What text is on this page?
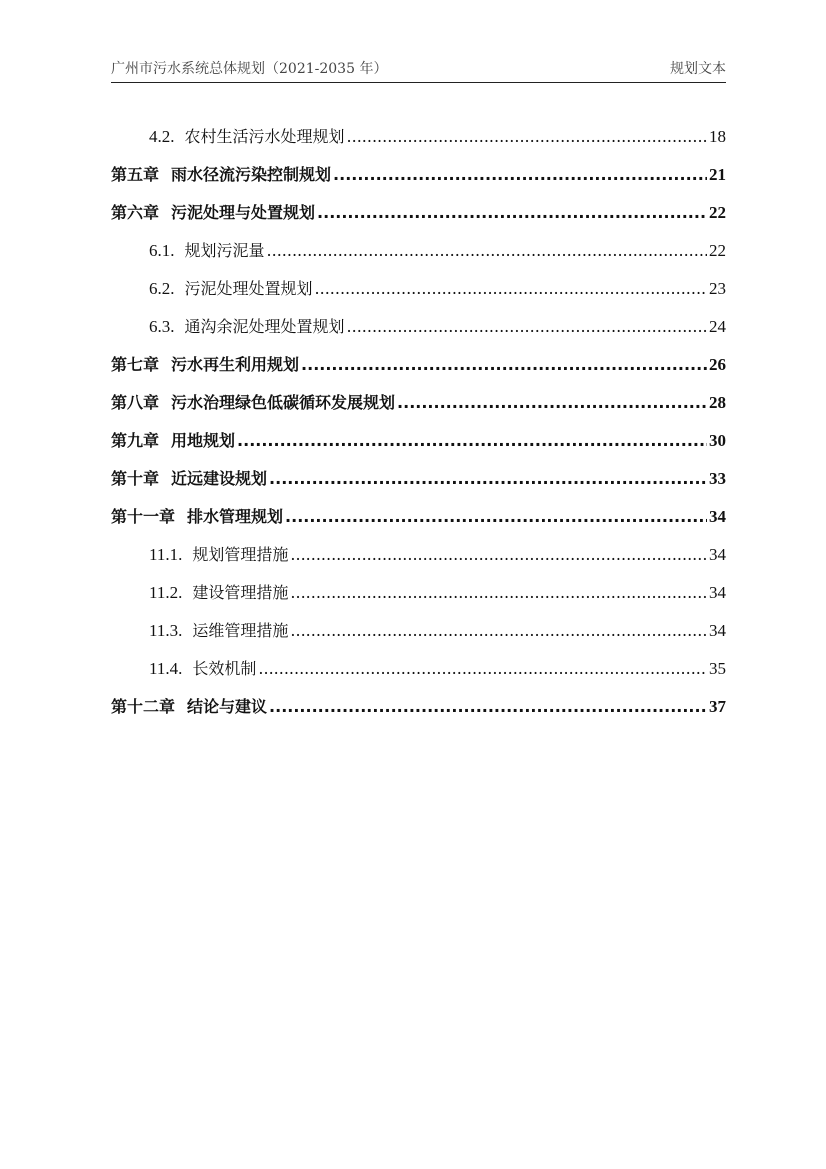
广州市污水系统总体规划（2021-2035 年）	规划文本
4.2. 农村生活污水处理规划 .....	18
第五章 雨水径流污染控制规划 .....	21
第六章 污泥处理与处置规划 .....	22
6.1. 规划污泥量 .....	22
6.2. 污泥处理处置规划 .....	23
6.3. 通沟余泥处理处置规划 .....	24
第七章 污水再生利用规划 .....	26
第八章 污水治理绿色低碳循环发展规划 .....	28
第九章 用地规划 .....	30
第十章 近远建设规划 .....	33
第十一章 排水管理规划 .....	34
11.1. 规划管理措施 .....	34
11.2. 建设管理措施 .....	34
11.3. 运维管理措施 .....	34
11.4. 长效机制 .....	35
第十二章 结论与建议 .....	37
